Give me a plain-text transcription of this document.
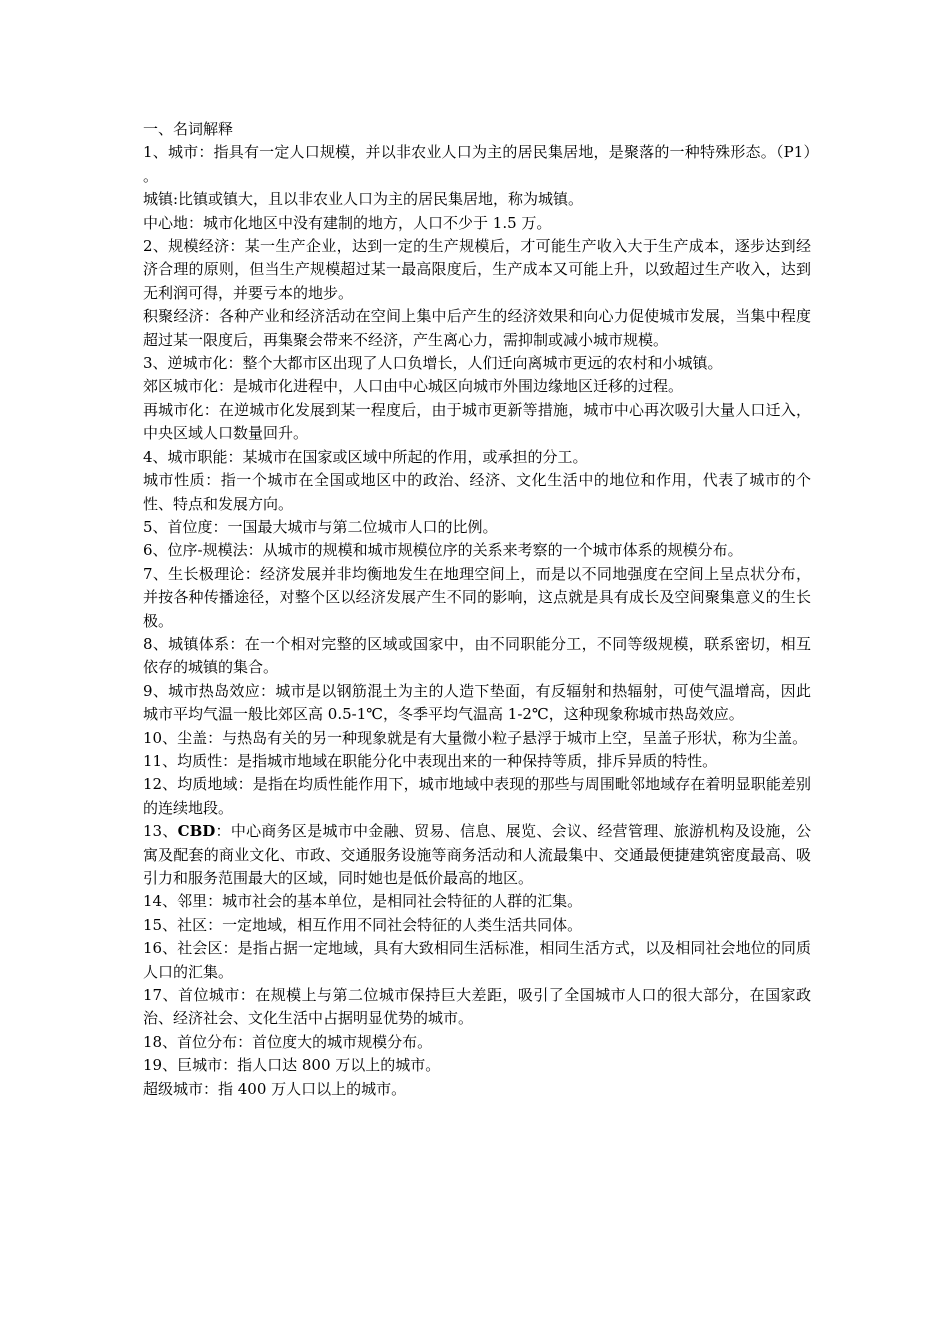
一、名词解释

1、城市：指具有一定人口规模，并以非农业人口为主的居民集居地，是聚落的一种特殊形态。（P1）　。

城镇:比镇或镇大，且以非农业人口为主的居民集居地，称为城镇。

中心地：城市化地区中没有建制的地方，人口不少于 1.5 万。

2、规模经济：某一生产企业，达到一定的生产规模后，才可能生产收入大于生产成本，逐步达到经济合理的原则，但当生产规模超过某一最高限度后，生产成本又可能上升，以致超过生产收入，达到无利润可得，并要亏本的地步。

积聚经济：各种产业和经济活动在空间上集中后产生的经济效果和向心力促使城市发展，当集中程度超过某一限度后，再集聚会带来不经济，产生离心力，需抑制或减小城市规模。

3、逆城市化：整个大都市区出现了人口负增长，人们迁向离城市更远的农村和小城镇。

郊区城市化：是城市化进程中，人口由中心城区向城市外围边缘地区迁移的过程。

再城市化：在逆城市化发展到某一程度后，由于城市更新等措施，城市中心再次吸引大量人口迁入，中央区域人口数量回升。

4、城市职能：某城市在国家或区域中所起的作用，或承担的分工。

城市性质：指一个城市在全国或地区中的政治、经济、文化生活中的地位和作用，代表了城市的个性、特点和发展方向。

5、首位度：一国最大城市与第二位城市人口的比例。

6、位序-规模法：从城市的规模和城市规模位序的关系来考察的一个城市体系的规模分布。

7、生长极理论：经济发展并非均衡地发生在地理空间上，而是以不同地强度在空间上呈点状分布，并按各种传播途径，对整个区以经济发展产生不同的影响，这点就是具有成长及空间聚集意义的生长极。

8、城镇体系：在一个相对完整的区域或国家中，由不同职能分工，不同等级规模，联系密切，相互依存的城镇的集合。

9、城市热岛效应：城市是以钢筋混土为主的人造下垫面，有反辐射和热辐射，可使气温增高，因此城市平均气温一般比郊区高 0.5-1℃，冬季平均气温高 1-2℃，这种现象称城市热岛效应。

10、尘盖：与热岛有关的另一种现象就是有大量微小粒子悬浮于城市上空，呈盖子形状，称为尘盖。

11、均质性：是指城市地域在职能分化中表现出来的一种保持等质，排斥异质的特性。

12、均质地域：是指在均质性能作用下，城市地域中表现的那些与周围毗邻地域存在着明显职能差别的连续地段。

13、CBD：中心商务区是城市中金融、贸易、信息、展览、会议、经营管理、旅游机构及设施，公寓及配套的商业文化、市政、交通服务设施等商务活动和人流最集中、交通最便捷建筑密度最高、吸引力和服务范围最大的区域，同时她也是低价最高的地区。

14、邻里：城市社会的基本单位，是相同社会特征的人群的汇集。

15、社区：一定地域，相互作用不同社会特征的人类生活共同体。

16、社会区：是指占据一定地域，具有大致相同生活标准，相同生活方式，以及相同社会地位的同质人口的汇集。

17、首位城市：在规模上与第二位城市保持巨大差距，吸引了全国城市人口的很大部分，在国家政治、经济社会、文化生活中占据明显优势的城市。

18、首位分布：首位度大的城市规模分布。

19、巨城市：指人口达 800 万以上的城市。

超级城市：指 400 万人口以上的城市。
